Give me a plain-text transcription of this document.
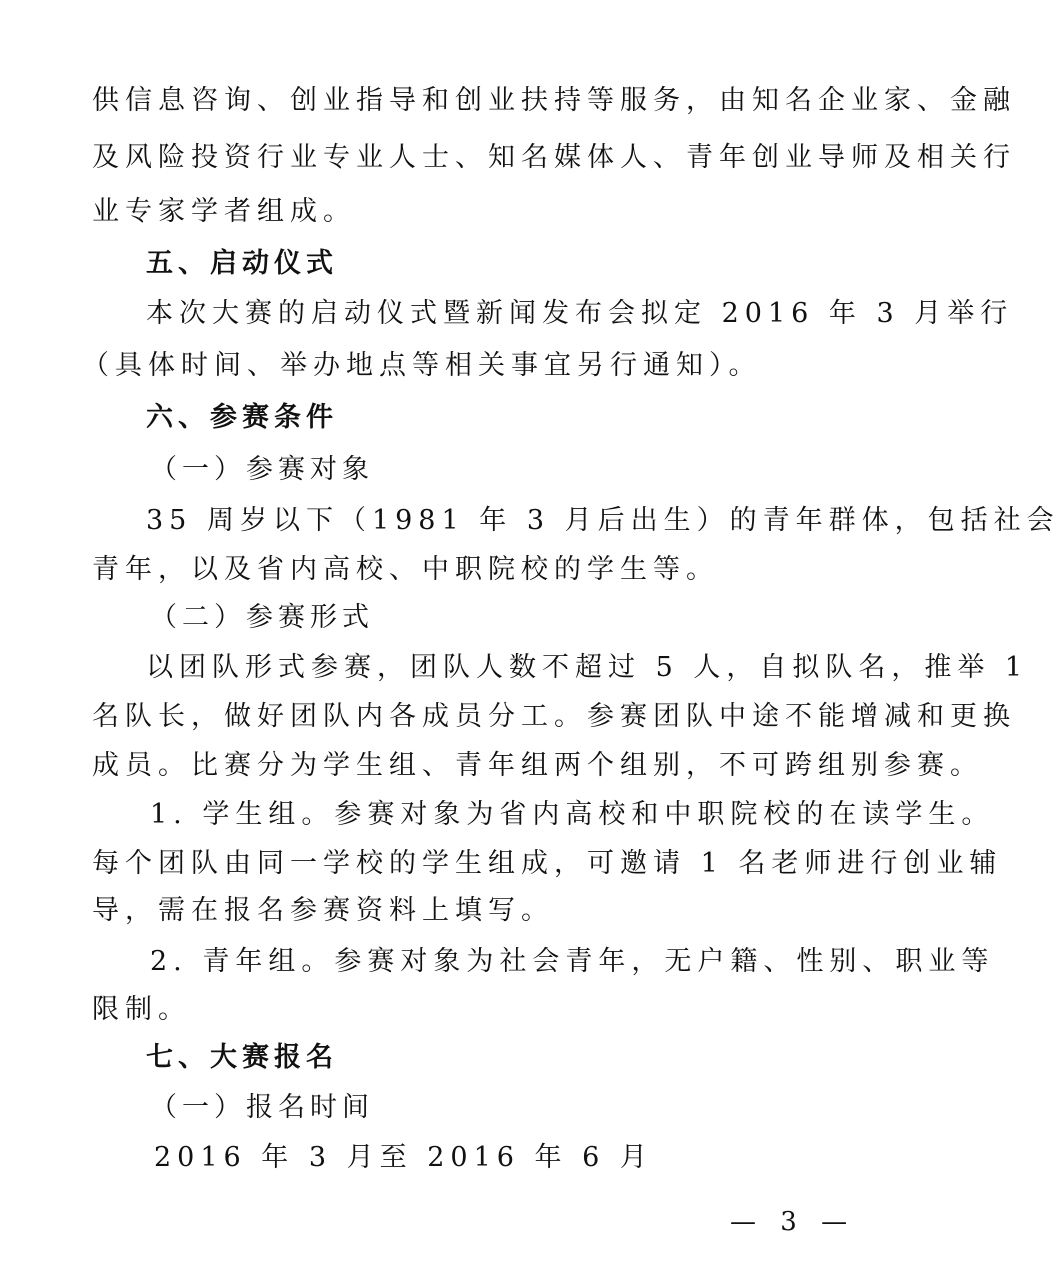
供信息咨询、创业指导和创业扶持等服务，由知名企业家、金融
及风险投资行业专业人士、知名媒体人、青年创业导师及相关行
业专家学者组成。
五、启动仪式
本次大赛的启动仪式暨新闻发布会拟定 2016 年 3 月举行
（具体时间、举办地点等相关事宜另行通知）。
六、参赛条件
（一）参赛对象
35 周岁以下（1981 年 3 月后出生）的青年群体，包括社会
青年，以及省内高校、中职院校的学生等。
（二）参赛形式
以团队形式参赛，团队人数不超过 5 人，自拟队名，推举 1
名队长，做好团队内各成员分工。参赛团队中途不能增减和更换
成员。比赛分为学生组、青年组两个组别，不可跨组别参赛。
1. 学生组。参赛对象为省内高校和中职院校的在读学生。
每个团队由同一学校的学生组成，可邀请 1 名老师进行创业辅
导，需在报名参赛资料上填写。
2. 青年组。参赛对象为社会青年，无户籍、性别、职业等
限制。
七、大赛报名
（一）报名时间
2016 年 3 月至 2016 年 6 月
— 3 —
